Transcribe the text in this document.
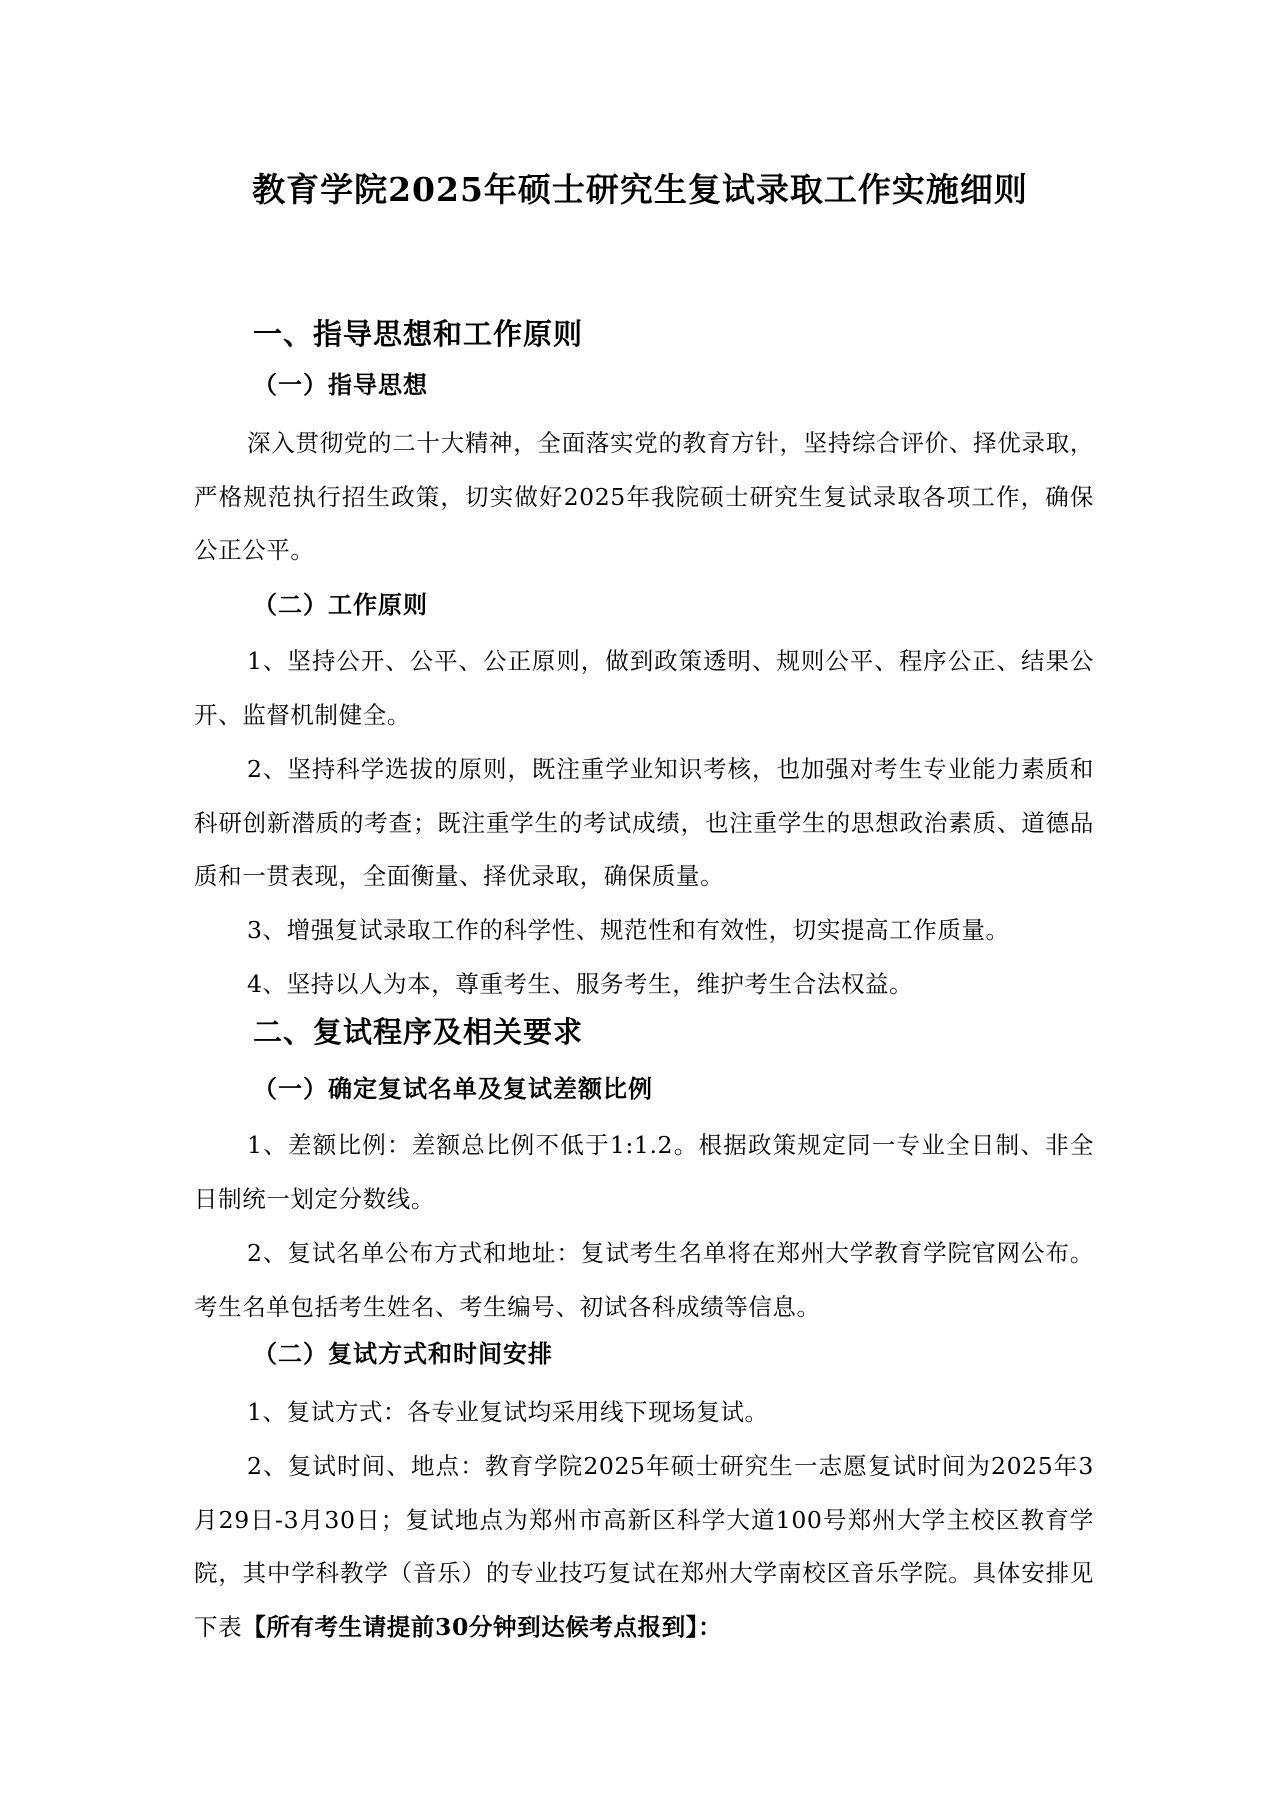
教育学院2025年硕士研究生复试录取工作实施细则
一、指导思想和工作原则
（一）指导思想

深入贯彻党的二十大精神，全面落实党的教育方针，坚持综合评价、择优录取，严格规范执行招生政策，切实做好2025年我院硕士研究生复试录取各项工作，确保公正公平。

（二）工作原则

1、坚持公开、公平、公正原则，做到政策透明、规则公平、程序公正、结果公开、监督机制健全。

2、坚持科学选拔的原则，既注重学业知识考核，也加强对考生专业能力素质和科研创新潜质的考查；既注重学生的考试成绩，也注重学生的思想政治素质、道德品质和一贯表现，全面衡量、择优录取，确保质量。

3、增强复试录取工作的科学性、规范性和有效性，切实提高工作质量。

4、坚持以人为本，尊重考生、服务考生，维护考生合法权益。

二、复试程序及相关要求
（一）确定复试名单及复试差额比例

1、差额比例：差额总比例不低于1:1.2。根据政策规定同一专业全日制、非全日制统一划定分数线。

2、复试名单公布方式和地址：复试考生名单将在郑州大学教育学院官网公布。考生名单包括考生姓名、考生编号、初试各科成绩等信息。

（二）复试方式和时间安排

1、复试方式：各专业复试均采用线下现场复试。

2、复试时间、地点：教育学院2025年硕士研究生一志愿复试时间为2025年3月29日-3月30日；复试地点为郑州市高新区科学大道100号郑州大学主校区教育学院，其中学科教学（音乐）的专业技巧复试在郑州大学南校区音乐学院。具体安排见下表【所有考生请提前30分钟到达候考点报到】：
